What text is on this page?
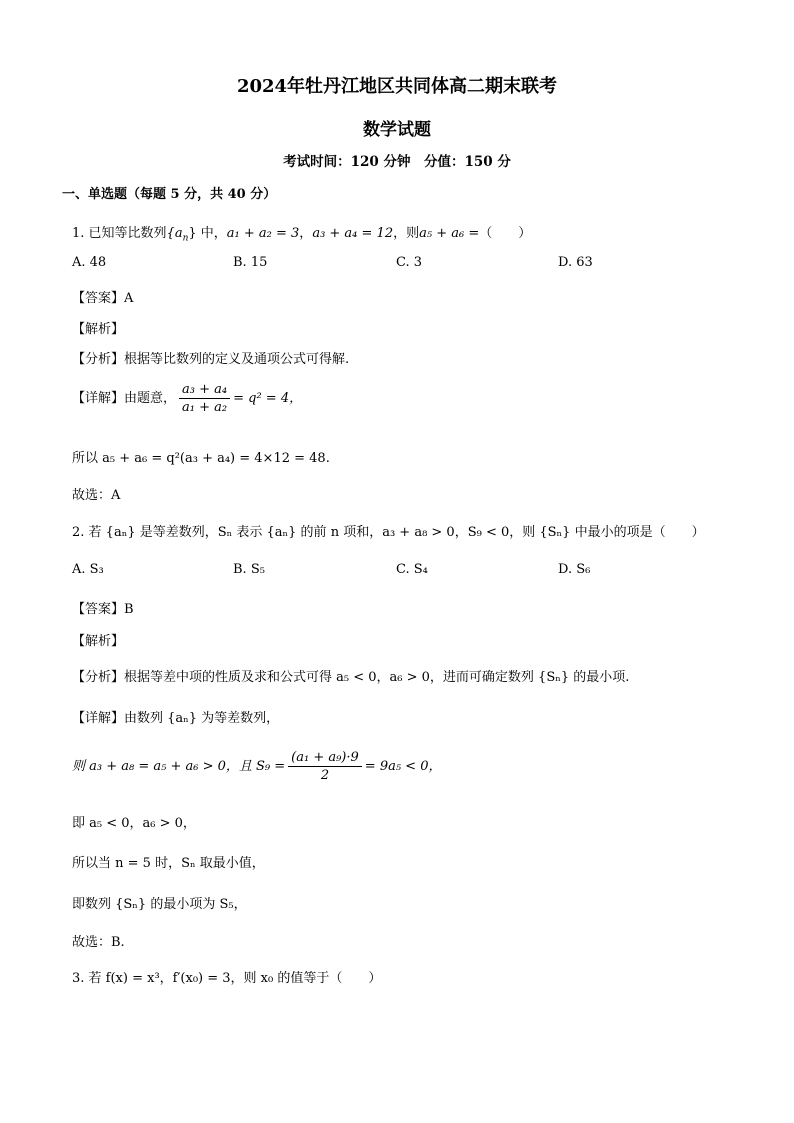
2024年牡丹江地区共同体高二期末联考
数学试题
考试时间：120 分钟　分值：150 分
一、单选题（每题 5 分，共 40 分）
1. 已知等比数列$\{a_n\}$ 中，a₁ + a₂ = 3，a₃ + a₄ = 12，则a₅ + a₆ =（　　）
A. 48	B. 15	C. 3	D. 63
【答案】A
【解析】
【分析】根据等比数列的定义及通项公式可得解.
【详解】由题意， $\frac{\text{a₃ + a₄}}{\text{a₁ + a₂}} = q^2 = 4$，
所以 a₅ + a₆ = q²(a₃ + a₄) = 4×12 = 48.
故选：A
2. 若 {aₙ} 是等差数列，Sₙ 表示 {aₙ} 的前 n 项和，a₃ + a₈ > 0，S₉ < 0，则 {Sₙ} 中最小的项是（　　）
A. S₃	B. S₅	C. S₄	D. S₆
【答案】B
【解析】
【分析】根据等差中项的性质及求和公式可得 a₅ < 0，a₆ > 0，进而可确定数列 {Sₙ} 的最小项.
【详解】由数列 {aₙ} 为等差数列，
则 a₃ + a₈ = a₅ + a₆ > 0，且 $S_9 = \frac{\text{(a₁ + a₉)·9}}{2} = 9a_5 < 0$，
即 a₅ < 0，a₆ > 0，
所以当 n = 5 时，Sₙ 取最小值，
即数列 {Sₙ} 的最小项为 S₅，
故选：B.
3. 若 f(x) = x³，f′(x₀) = 3，则 x₀ 的值等于（　　）
